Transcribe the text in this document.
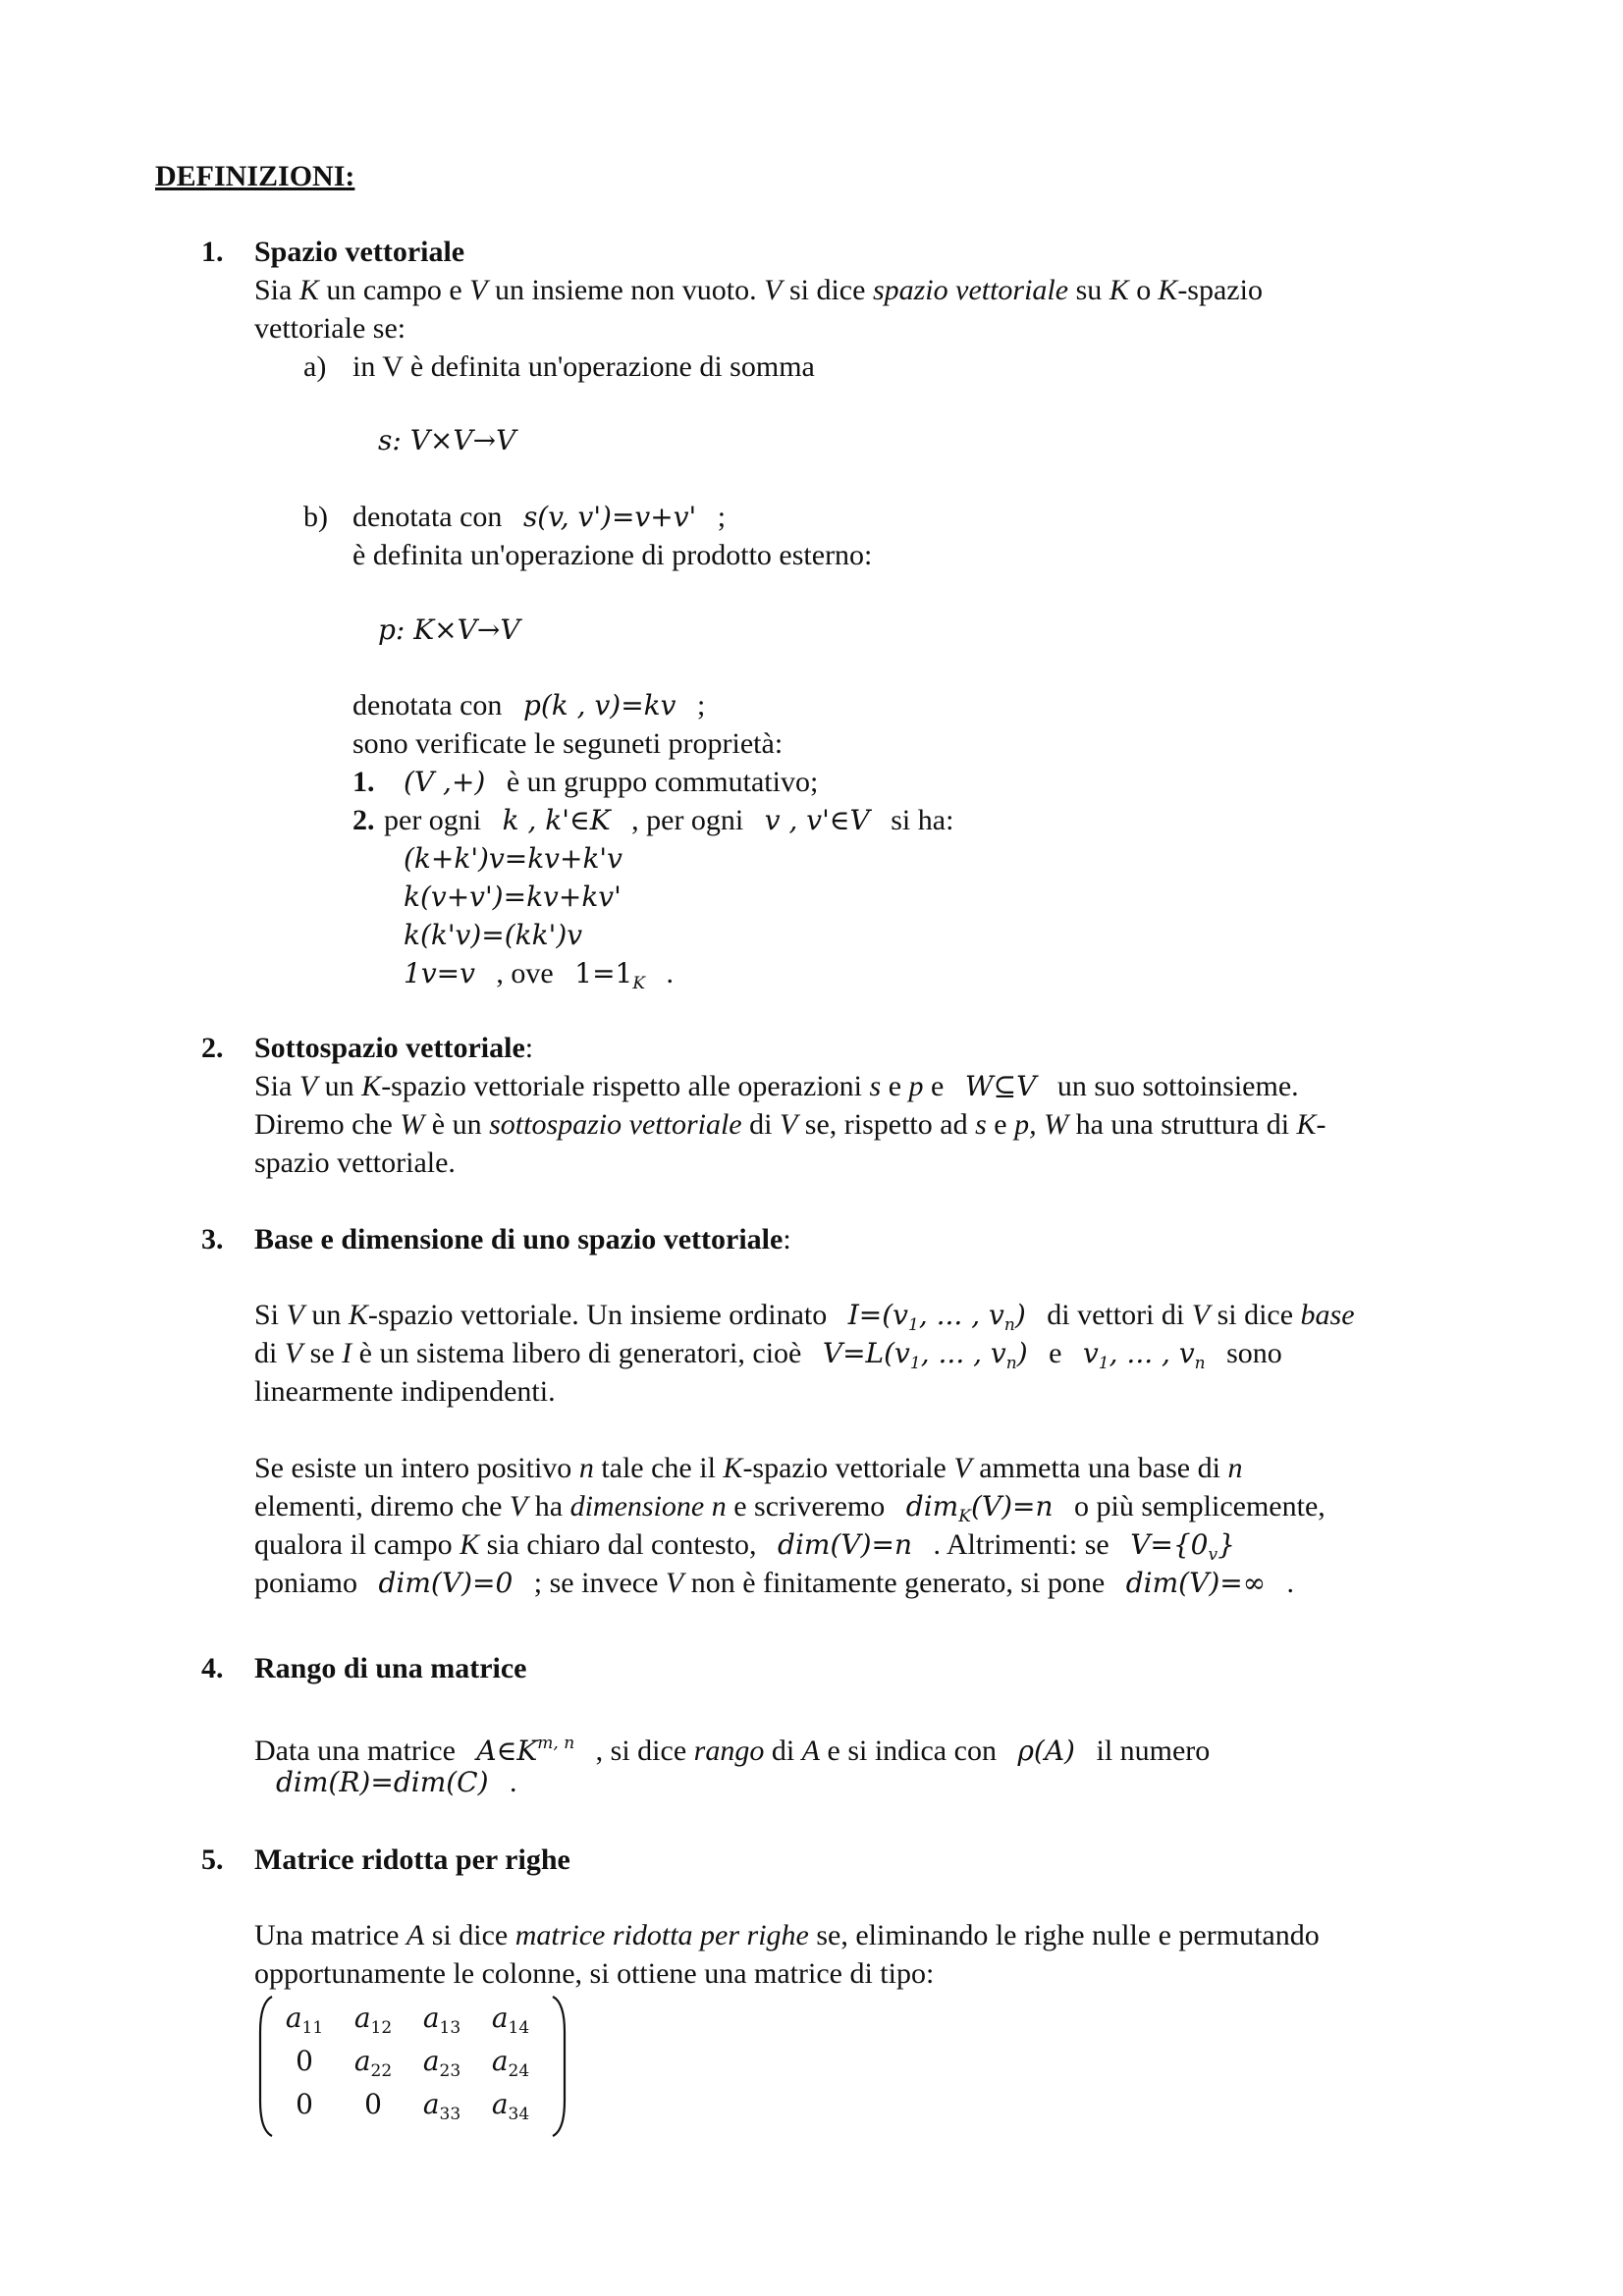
DEFINIZIONI:
1. Spazio vettoriale
Sia K un campo e V un insieme non vuoto. V si dice spazio vettoriale su K o K-spazio
vettoriale se:
a) in V è definita un'operazione di somma
s: V×V→V
b) denotata con s(v, v')=v+v' ;
è definita un'operazione di prodotto esterno:
p: K×V→V
denotata con p(k , v)=kv ;
sono verificate le seguneti proprietà:
1. (V ,+) è un gruppo commutativo;
2. per ogni k , k'∈K , per ogni v , v'∈V si ha:
(k+k')v=kv+k'v
k(v+v')=kv+kv'
k(k'v)=(kk')v
1v=v , ove $1=1_K$ .
2. Sottospazio vettoriale:
Sia V un K-spazio vettoriale rispetto alle operazioni s e p e W⊆V un suo sottoinsieme.
Diremo che W è un sottospazio vettoriale di V se, rispetto ad s e p, W ha una struttura di K-
spazio vettoriale.
3. Base e dimensione di uno spazio vettoriale:
Si V un K-spazio vettoriale. Un insieme ordinato $I=(v_1$, ... , $v_n$) di vettori di V si dice base
di V se I è un sistema libero di generatori, cioè $V=L(v_1$, ... , $v_n$) e $v_1$, ... , $v_n$ sono
linearmente indipendenti.
Se esiste un intero positivo n tale che il K-spazio vettoriale V ammetta una base di n
elementi, diremo che V ha dimensione n e scriveremo dim$_K$(V)=n o più semplicemente,
qualora il campo K sia chiaro dal contesto, dim(V)=n . Altrimenti: se $V=\{0_v\}$
poniamo dim(V)=0 ; se invece V non è finitamente generato, si pone dim(V)=∞ .
4. Rango di una matrice
Data una matrice $A\in K^{m, n}$ , si dice rango di A e si indica con ρ(A) il numero
dim(R)=dim(C) .
5. Matrice ridotta per righe
Una matrice A si dice matrice ridotta per righe se, eliminando le righe nulle e permutando
opportunamente le colonne, si ottiene una matrice di tipo:
$a_{11}$ $a_{12}$ $a_{13}$ $a_{14}$
0	$a_{22}$ $a_{23}$ $a_{24}$
0	0	$a_{33}$ $a_{34}$
